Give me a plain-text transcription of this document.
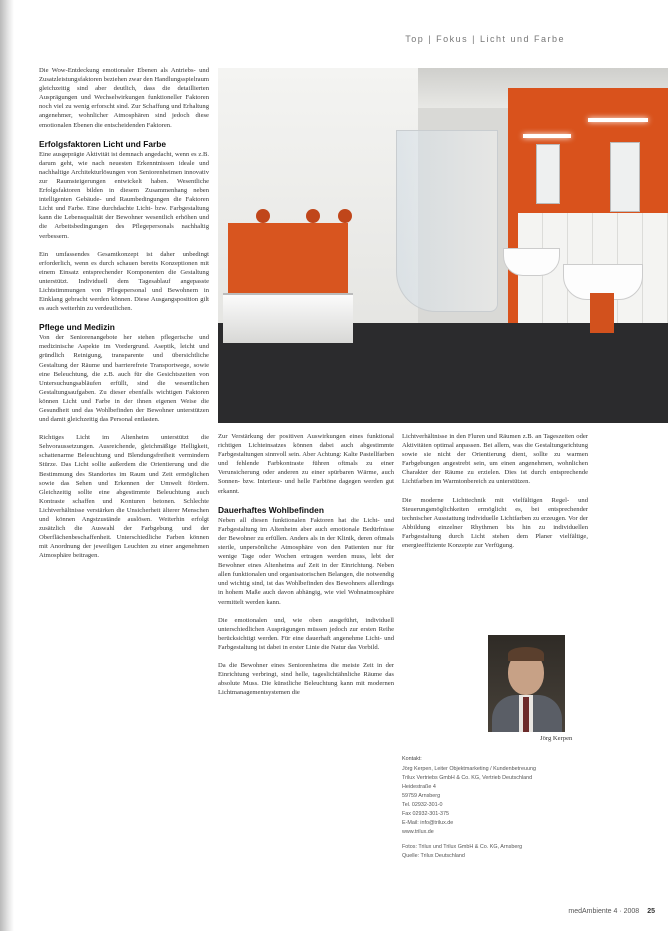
Top | Fokus | Licht und Farbe

Die Wow-Entdeckung emotionaler Ebenen als Antriebs- und Zusatzleistungsfaktoren beziehen zwar den Handlungsspielraum gleichzeitig sind aber deutlich, dass die detaillierten Ausprägungen und Wechselwirkungen funktioneller Faktoren noch viel zu wenig erforscht sind. Zur Schaffung und Erhaltung angenehmer, wohnlicher Atmosphären sind jedoch diese emotionalen Ebenen die entscheidenden Faktoren.

Erfolgsfaktoren Licht und Farbe

Eine ausgeprägte Aktivität ist demnach angedacht, wenn es z.B. darum geht, wie nach neuesten Erkenntnissen ideale und nachhaltige Architekturlösungen von Seniorenheimen innovativ zur Raumsteigerungen entwickelt haben. Wesentliche Erfolgsfaktoren bilden in diesem Zusammenhang neben intelligenten Gebäude- und Raumbedingungen die Faktoren Licht und Farbe. Eine durchdachte Licht- bzw. Farbgestaltung kann die Lebensqualität der Bewohner wesentlich erhöhen und die Arbeitsbedingungen des Pflegepersonals nachhaltig verbessern.

Ein umfassendes Gesamtkonzept ist daher unbedingt erforderlich, wenn es durch schauen bereits Konzeptionen mit einem Einsatz entsprechender Komponenten die Gestaltung unterstützt. Individuell dem Tagesablauf angepasste Lichtstimmungen von Pflegepersonal und Bewohnern in Einklang gebracht werden können. Diese Ausgangsposition gilt es auch weiterhin zu verdeutlichen.

Pflege und Medizin

Von der Seniorenangebote her stehen pflegerische und medizinische Aspekte im Vordergrund. Aseptik, leicht und gründlich Reinigung, transparente und übersichtliche Gestaltung der Räume und barrierefreie Transportwege, sowie eine Beleuchtung, die z.B. auch für die Gesichtszeiten von Untersuchungsabläufen erfüllt, sind die wesentlichen Gestaltungsaufgaben. Zu dieser ebenfalls wichtigen Faktoren können Licht und Farbe in der ihnen eigenen Weise die Gesundheit und das Wohlbefinden der Bewohner unterstützen und damit gleichzeitig das Personal entlasten.

Richtiges Licht im Altenheim unterstützt die Sehvoraussetzungen. Ausreichende, gleichmäßige Helligkeit, schattenarme Beleuchtung und Blendungsfreiheit vermindern Stürze. Das Licht sollte außerdem die Orientierung und die Bestimmung des Standortes im Raum und Zeit ermöglichen sowie das Sehen und Erkennen der Umwelt fördern. Gleichzeitig sollte eine abgestimmte Beleuchtung auch Kontraste schaffen und Konturen betonen. Schlechte Lichtverhältnisse verstärken die Unsicherheit älterer Menschen und können Angstzustände auslösen. Weiterhin erfolgt zusätzlich die Auswahl der Farbgebung und der Oberflächenbeschaffenheit. Unterschiedliche Farben können mit Anordnung der jeweiligen Leuchten zu einer angenehmen Atmosphäre beitragen.

Zur Verstärkung der positiven Auswirkungen eines funktional richtigen Lichteinsatzes können dabei auch abgestimmte Farbgestaltungen sinnvoll sein. Aber Achtung: Kalte Pastellfarben und fehlende Farbkontraste führen oftmals zu einer Verunsicherung oder anderen zu einer spürbaren Wärme, auch Sonnen- bzw. Interieur- und helle Farbtöne dagegen werden gut erkannt.

Dauerhaftes Wohlbefinden

Neben all diesen funktionalen Faktoren hat die Licht- und Farbgestaltung im Altenheim aber auch emotionale Bedürfnisse der Bewohner zu erfüllen. Anders als in der Klinik, deren oftmals sterile, unpersönliche Atmosphäre von den Patienten nur für wenige Tage oder Wochen ertragen werden muss, lebt der Bewohner eines Altenheims auf Zeit in der Einrichtung. Neben allen funktionalen und organisatorischen Belangen, die notwendig und wichtig sind, ist das Wohlbefinden des Bewohners allerdings in hohem Maße auch davon abhängig, wie viel Wohnatmosphäre vermittelt werden kann.

Die emotionalen und, wie oben ausgeführt, individuell unterschiedlichen Ausprägungen müssen jedoch zur ersten Reihe berücksichtigt werden. Für eine dauerhaft angenehme Licht- und Farbgestaltung ist dabei in erster Linie die Natur das Vorbild.

Da die Bewohner eines Seniorenheims die meiste Zeit in der Einrichtung verbringt, sind helle, tageslichtähnliche Räume das absolute Muss. Die künstliche Beleuchtung kann mit modernen Lichtmanagementsystemen die

Lichtverhältnisse in den Fluren und Räumen z.B. an Tageszeiten oder Aktivitäten optimal anpassen. Bei allem, was die Gestaltungsrichtung sowie sie nicht der Orientierung dient, sollte zu warmen Farbgebungen angestrebt sein, um einen angenehmen, wohnlichen Charakter der Räume zu erzielen. Dies ist durch entsprechende Lichtfarben im Warmtonbereich zu unterstützen.

Die moderne Lichttechnik mit vielfältigen Regel- und Steuerungsmöglichkeiten ermöglicht es, bei entsprechender technischer Ausstattung individuelle Lichtfarben zu erzeugen. Vor der Abbildung einzelner Rhythmen bis hin zu individuellen Farbgestaltung durch Licht stehen dem Planer vielfältige, energieeffiziente Konzepte zur Verfügung.

Jörg Kerpen
Kontakt:
Jörg Kerpen, Leiter Objektmarketing / Kundenbetreuung
Trilux Vertriebs GmbH & Co. KG, Vertrieb Deutschland
Heidestraße 4
59759 Arnsberg
Tel. 02932-301-0
Fax 02932-301-375
E-Mail: info@trilux.de
www.trilux.de
Fotos: Trilux und Trilux GmbH & Co. KG, Arnsberg
Quelle: Trilux Deutschland
medAmbiente 4 · 2008 25
